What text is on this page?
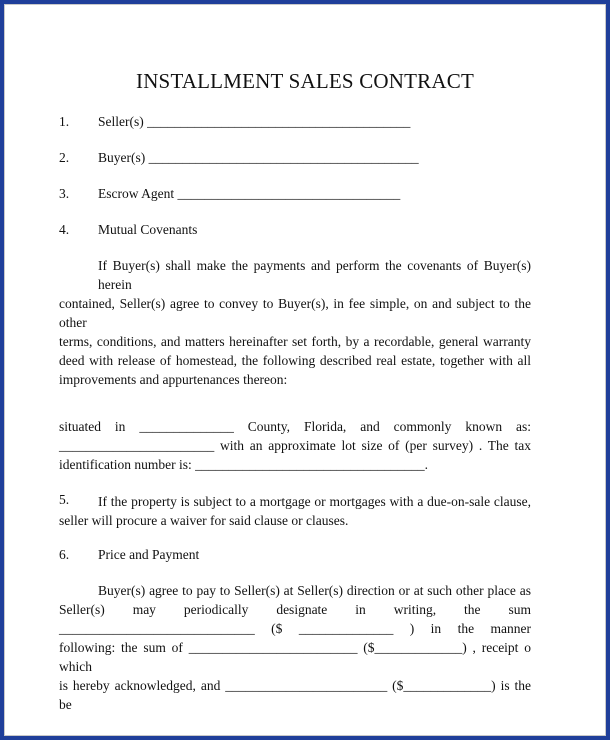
INSTALLMENT SALES CONTRACT
1. Seller(s) _______________________________________
2. Buyer(s) ________________________________________
3. Escrow Agent _________________________________
4. Mutual Covenants
If Buyer(s) shall make the payments and perform the covenants of Buyer(s) herein
contained, Seller(s) agree to convey to Buyer(s), in fee simple, on and subject to the other
terms, conditions, and matters hereinafter set forth, by a recordable, general warranty
deed with release of homestead, the following described real estate, together with all
improvements and appurtenances thereon:
situated in ______________ County, Florida, and commonly known as:
_______________________ with an approximate lot size of (per survey) . The tax
identification number is: __________________________________.
5.	If the property is subject to a mortgage or mortgages with a due-on-sale clause,
seller will procure a waiver for said clause or clauses.
6. Price and Payment
Buyer(s) agree to pay to Seller(s) at Seller(s) direction or at such other place as
Seller(s) may periodically designate in writing, the sum
_____________________________ ($ ______________ ) in the manner
following: the sum of _________________________ ($_____________) , receipt o which
is hereby acknowledged, and ________________________ ($_____________) is the be
